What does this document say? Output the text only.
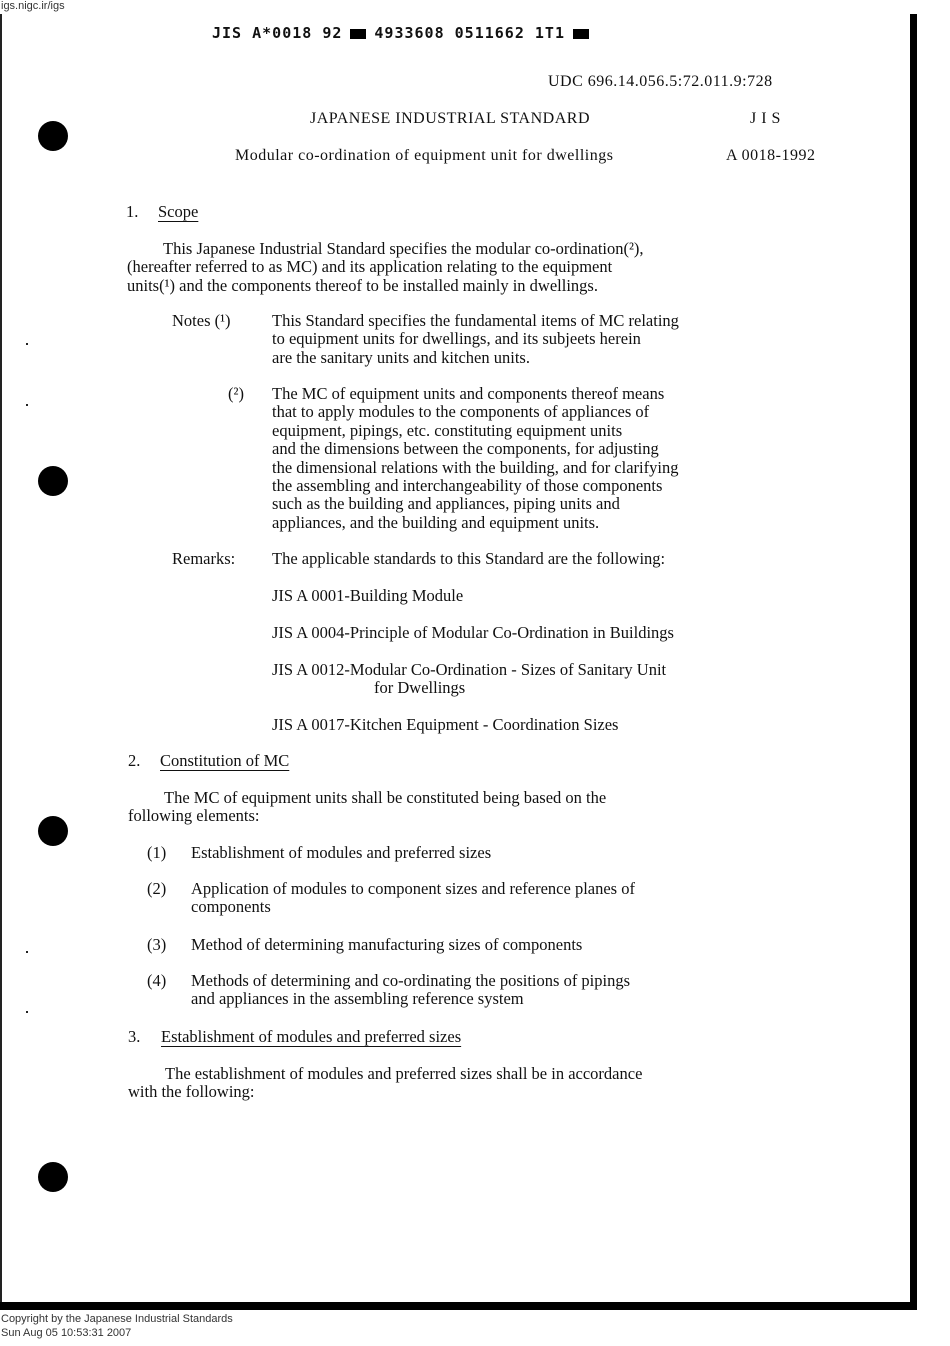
igs.nigc.ir/igs
JIS A*0018 92 4933608 0511662 1T1
UDC 696.14.056.5:72.011.9:728
JAPANESE INDUSTRIAL STANDARD	J I S
Modular co-ordination of equipment unit for dwellings	A 0018-1992
1. Scope
This Japanese Industrial Standard specifies the modular co-ordination(²),
(hereafter referred to as MC) and its application relating to the equipment
units(¹) and the components thereof to be installed mainly in dwellings.
Notes (¹)	This Standard specifies the fundamental items of MC relating
to equipment units for dwellings, and its subjeets herein
are the sanitary units and kitchen units.
(²) The MC of equipment units and components thereof means
that to apply modules to the components of appliances of
equipment, pipings, etc. constituting equipment units
and the dimensions between the components, for adjusting
the dimensional relations with the building, and for clarifying
the assembling and interchangeability of those components
such as the building and appliances, piping units and
appliances, and the building and equipment units.
Remarks: The applicable standards to this Standard are the following:
JIS A 0001-Building Module
JIS A 0004-Principle of Modular Co-Ordination in Buildings
JIS A 0012-Modular Co-Ordination - Sizes of Sanitary Unit
for Dwellings
JIS A 0017-Kitchen Equipment - Coordination Sizes
2. Constitution of MC
The MC of equipment units shall be constituted being based on the
following elements:
(1) Establishment of modules and preferred sizes
(2) Application of modules to component sizes and reference planes of
components
(3) Method of determining manufacturing sizes of components
(4) Methods of determining and co-ordinating the positions of pipings
and appliances in the assembling reference system
3. Establishment of modules and preferred sizes
The establishment of modules and preferred sizes shall be in accordance
with the following:
Copyright by the Japanese Industrial Standards
Sun Aug 05 10:53:31 2007
